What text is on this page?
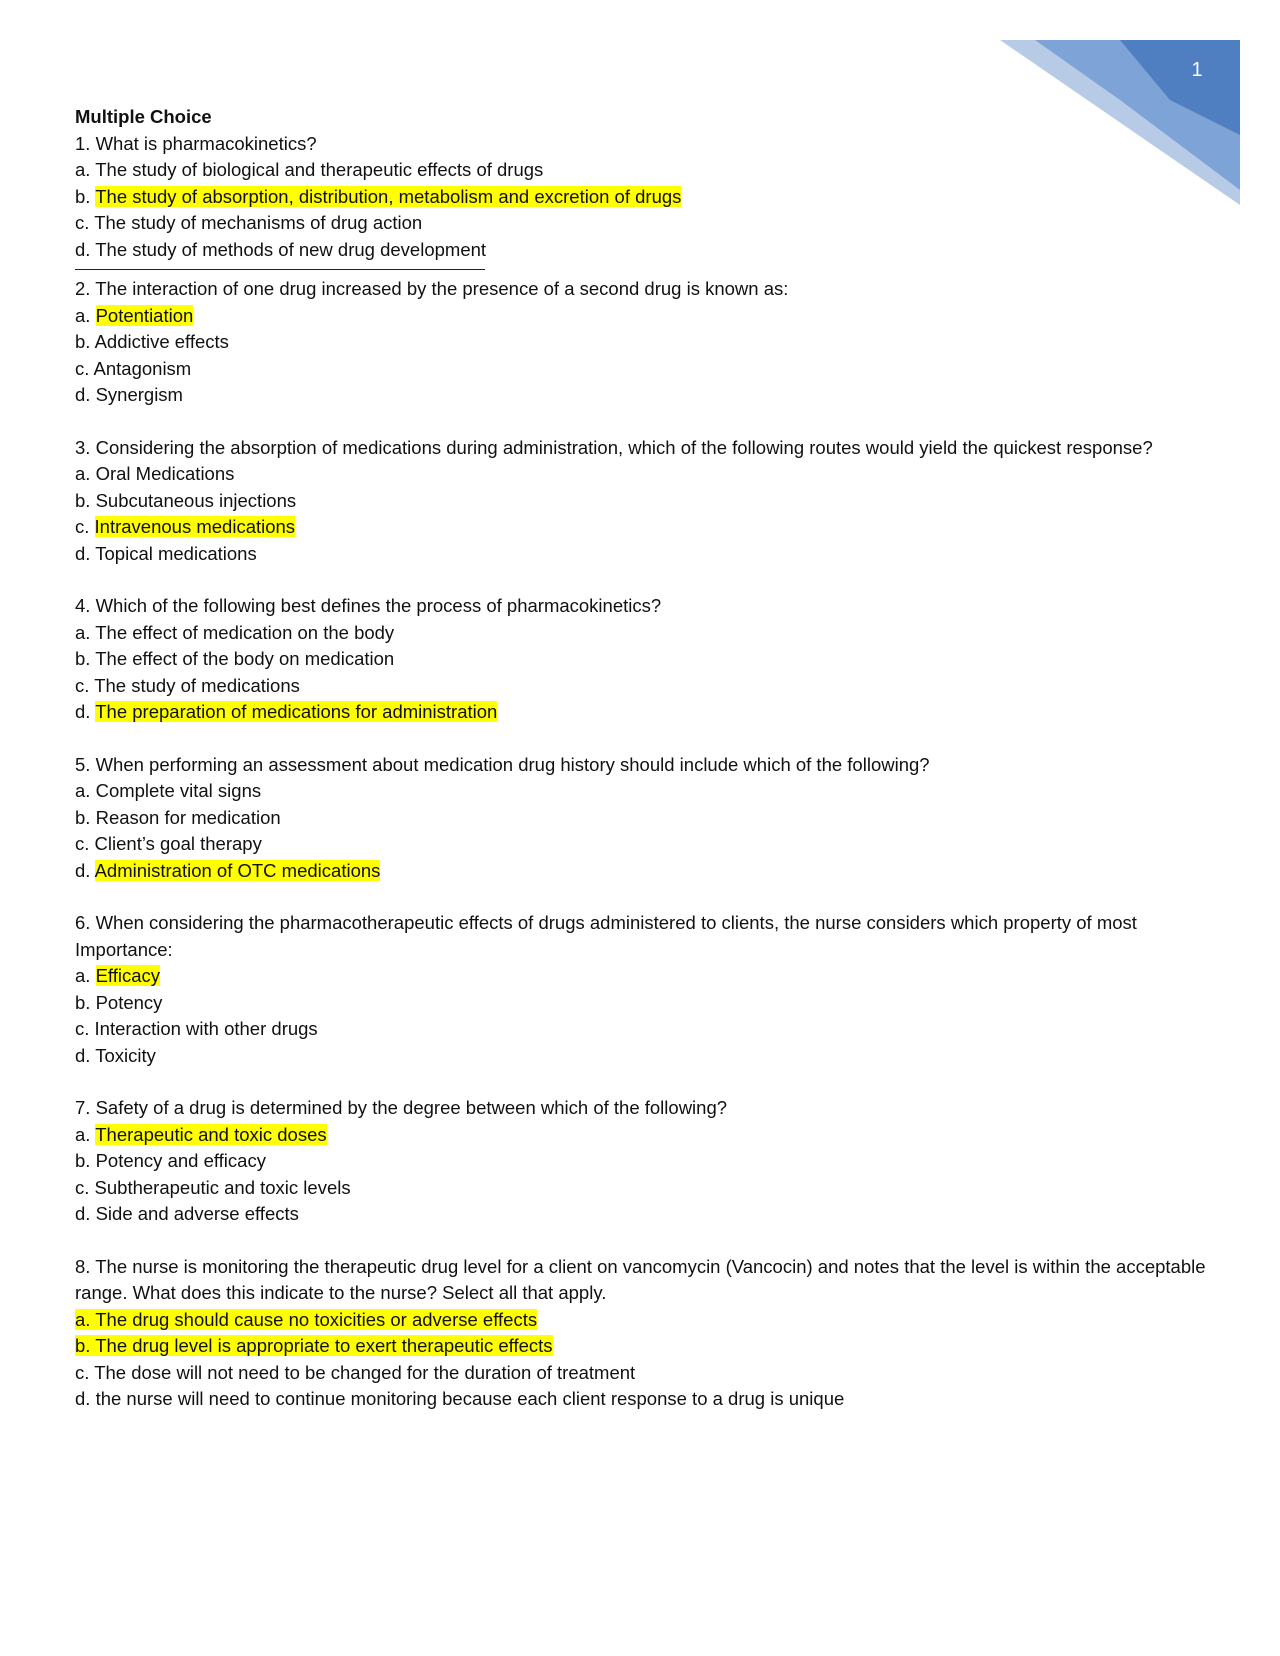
1

Multiple Choice

1. What is pharmacokinetics?

a. The study of biological and therapeutic effects of drugs

b. The study of absorption, distribution, metabolism and excretion of drugs

c. The study of mechanisms of drug action

d. The study of methods of new drug development

2. The interaction of one drug increased by the presence of a second drug is known as:

a. Potentiation

b. Addictive effects

c. Antagonism

d. Synergism

3. Considering the absorption of medications during administration, which of the following routes would yield the quickest response?

a. Oral Medications

b. Subcutaneous injections

c. Intravenous medications

d. Topical medications

4. Which of the following best defines the process of pharmacokinetics?

a. The effect of medication on the body

b. The effect of the body on medication

c. The study of medications

d. The preparation of medications for administration

5. When performing an assessment about medication drug history should include which of the following?

a. Complete vital signs

b. Reason for medication

c. Client’s goal therapy

d. Administration of OTC medications

6. When considering the pharmacotherapeutic effects of drugs administered to clients, the nurse considers which property of most Importance:

a. Efficacy

b. Potency

c. Interaction with other drugs

d. Toxicity

7. Safety of a drug is determined by the degree between which of the following?

a. Therapeutic and toxic doses

b. Potency and efficacy

c. Subtherapeutic and toxic levels

d. Side and adverse effects

8. The nurse is monitoring the therapeutic drug level for a client on vancomycin (Vancocin) and notes that the level is within the acceptable range. What does this indicate to the nurse? Select all that apply.

a. The drug should cause no toxicities or adverse effects

b. The drug level is appropriate to exert therapeutic effects

c. The dose will not need to be changed for the duration of treatment

d. the nurse will need to continue monitoring because each client response to a drug is unique
